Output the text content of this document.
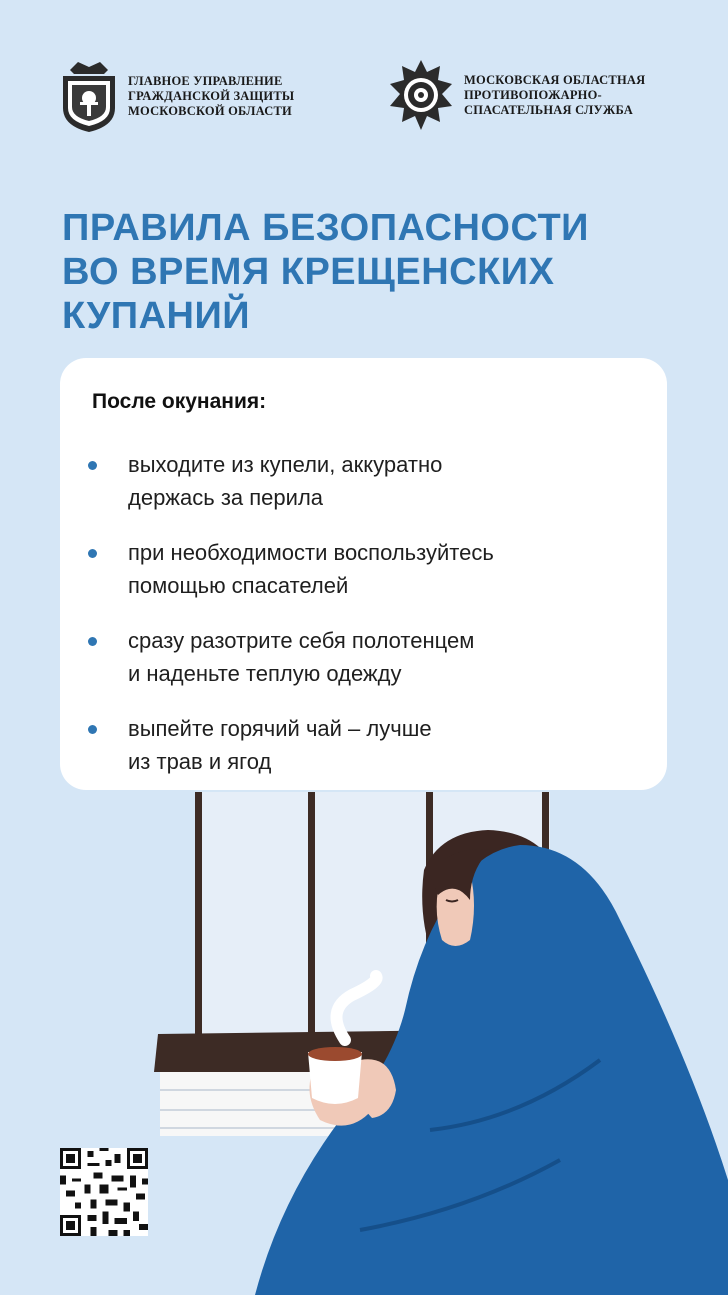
ГЛАВНОЕ УПРАВЛЕНИЕ
ГРАЖДАНСКОЙ ЗАЩИТЫ
МОСКОВСКОЙ ОБЛАСТИ
МОСКОВСКАЯ ОБЛАСТНАЯ
ПРОТИВОПОЖАРНО-
СПАСАТЕЛЬНАЯ СЛУЖБА
ПРАВИЛА БЕЗОПАСНОСТИ
ВО ВРЕМЯ КРЕЩЕНСКИХ
КУПАНИЙ
После окунания:
выходите из купели, аккуратно
держась за перила
при необходимости воспользуйтесь
помощью спасателей
сразу разотрите себя полотенцем
и наденьте теплую одежду
выпейте горячий чай – лучше
из трав и ягод
